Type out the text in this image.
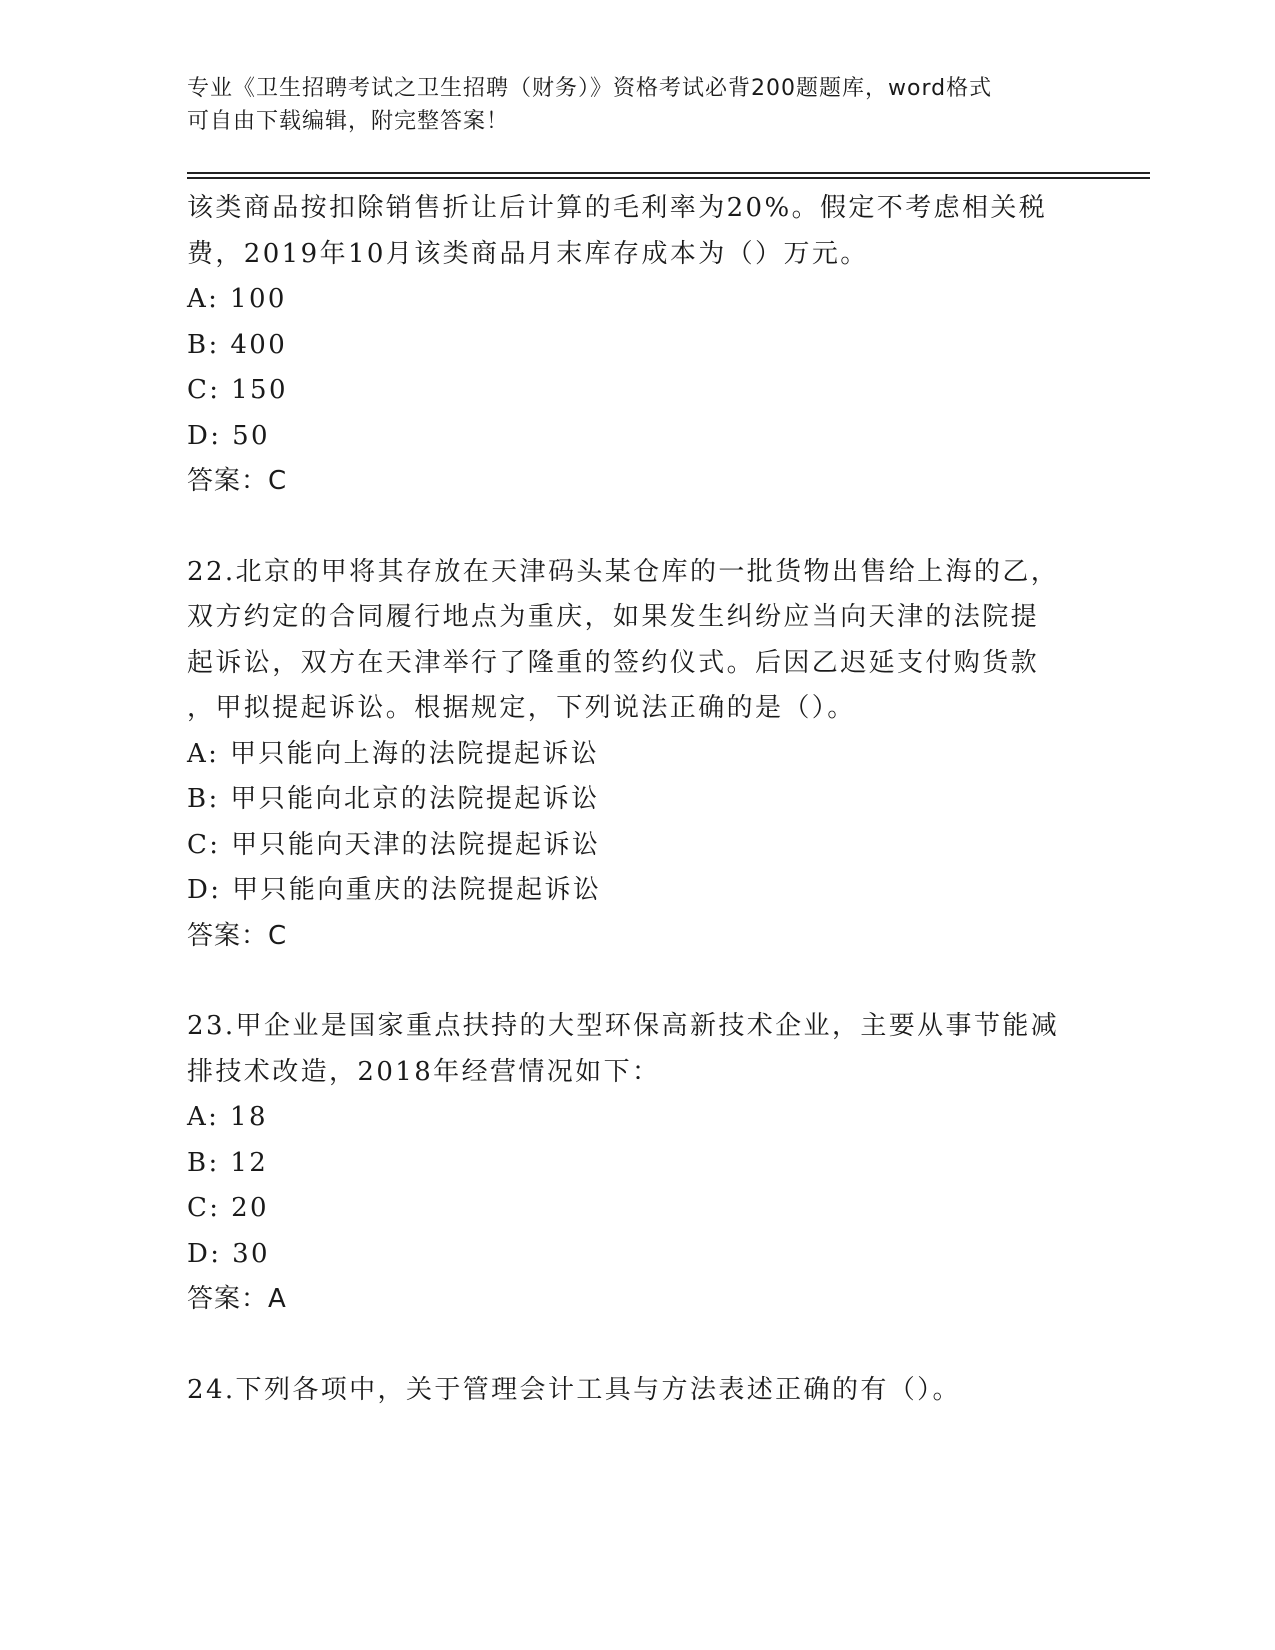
专业《卫生招聘考试之卫生招聘（财务）》资格考试必背200题题库，word格式
可自由下载编辑，附完整答案！
该类商品按扣除销售折让后计算的毛利率为20%。假定不考虑相关税
费，2019年10月该类商品月末库存成本为（）万元。
A: 100
B: 400
C: 150
D: 50
答案：C
22.北京的甲将其存放在天津码头某仓库的一批货物出售给上海的乙，
双方约定的合同履行地点为重庆，如果发生纠纷应当向天津的法院提
起诉讼，双方在天津举行了隆重的签约仪式。后因乙迟延支付购货款
，甲拟提起诉讼。根据规定，下列说法正确的是（）。
A: 甲只能向上海的法院提起诉讼
B: 甲只能向北京的法院提起诉讼
C: 甲只能向天津的法院提起诉讼
D: 甲只能向重庆的法院提起诉讼
答案：C
23.甲企业是国家重点扶持的大型环保高新技术企业，主要从事节能减
排技术改造，2018年经营情况如下：
A: 18
B: 12
C: 20
D: 30
答案：A
24.下列各项中，关于管理会计工具与方法表述正确的有（）。
